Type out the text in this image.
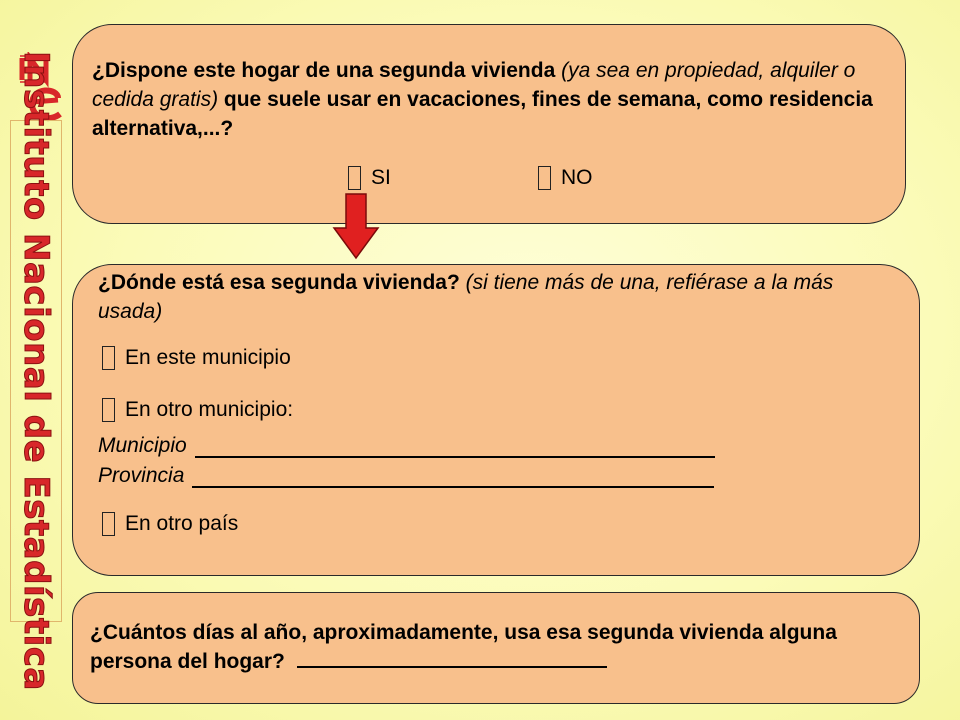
Instituto Nacional de Estadística ¿Dispone este hogar de una segunda vivienda (ya sea en propiedad, alquiler o cedida gratis) que suele usar en vacaciones, fines de semana, como residencia alternativa,...?
SI	NO
¿Dónde está esa segunda vivienda? (si tiene más de una, refiérase a la más usada)
En este municipio
En otro municipio:
Municipio
Provincia
En otro país
¿Cuántos días al año, aproximadamente, usa esa segunda vivienda alguna persona del hogar?
